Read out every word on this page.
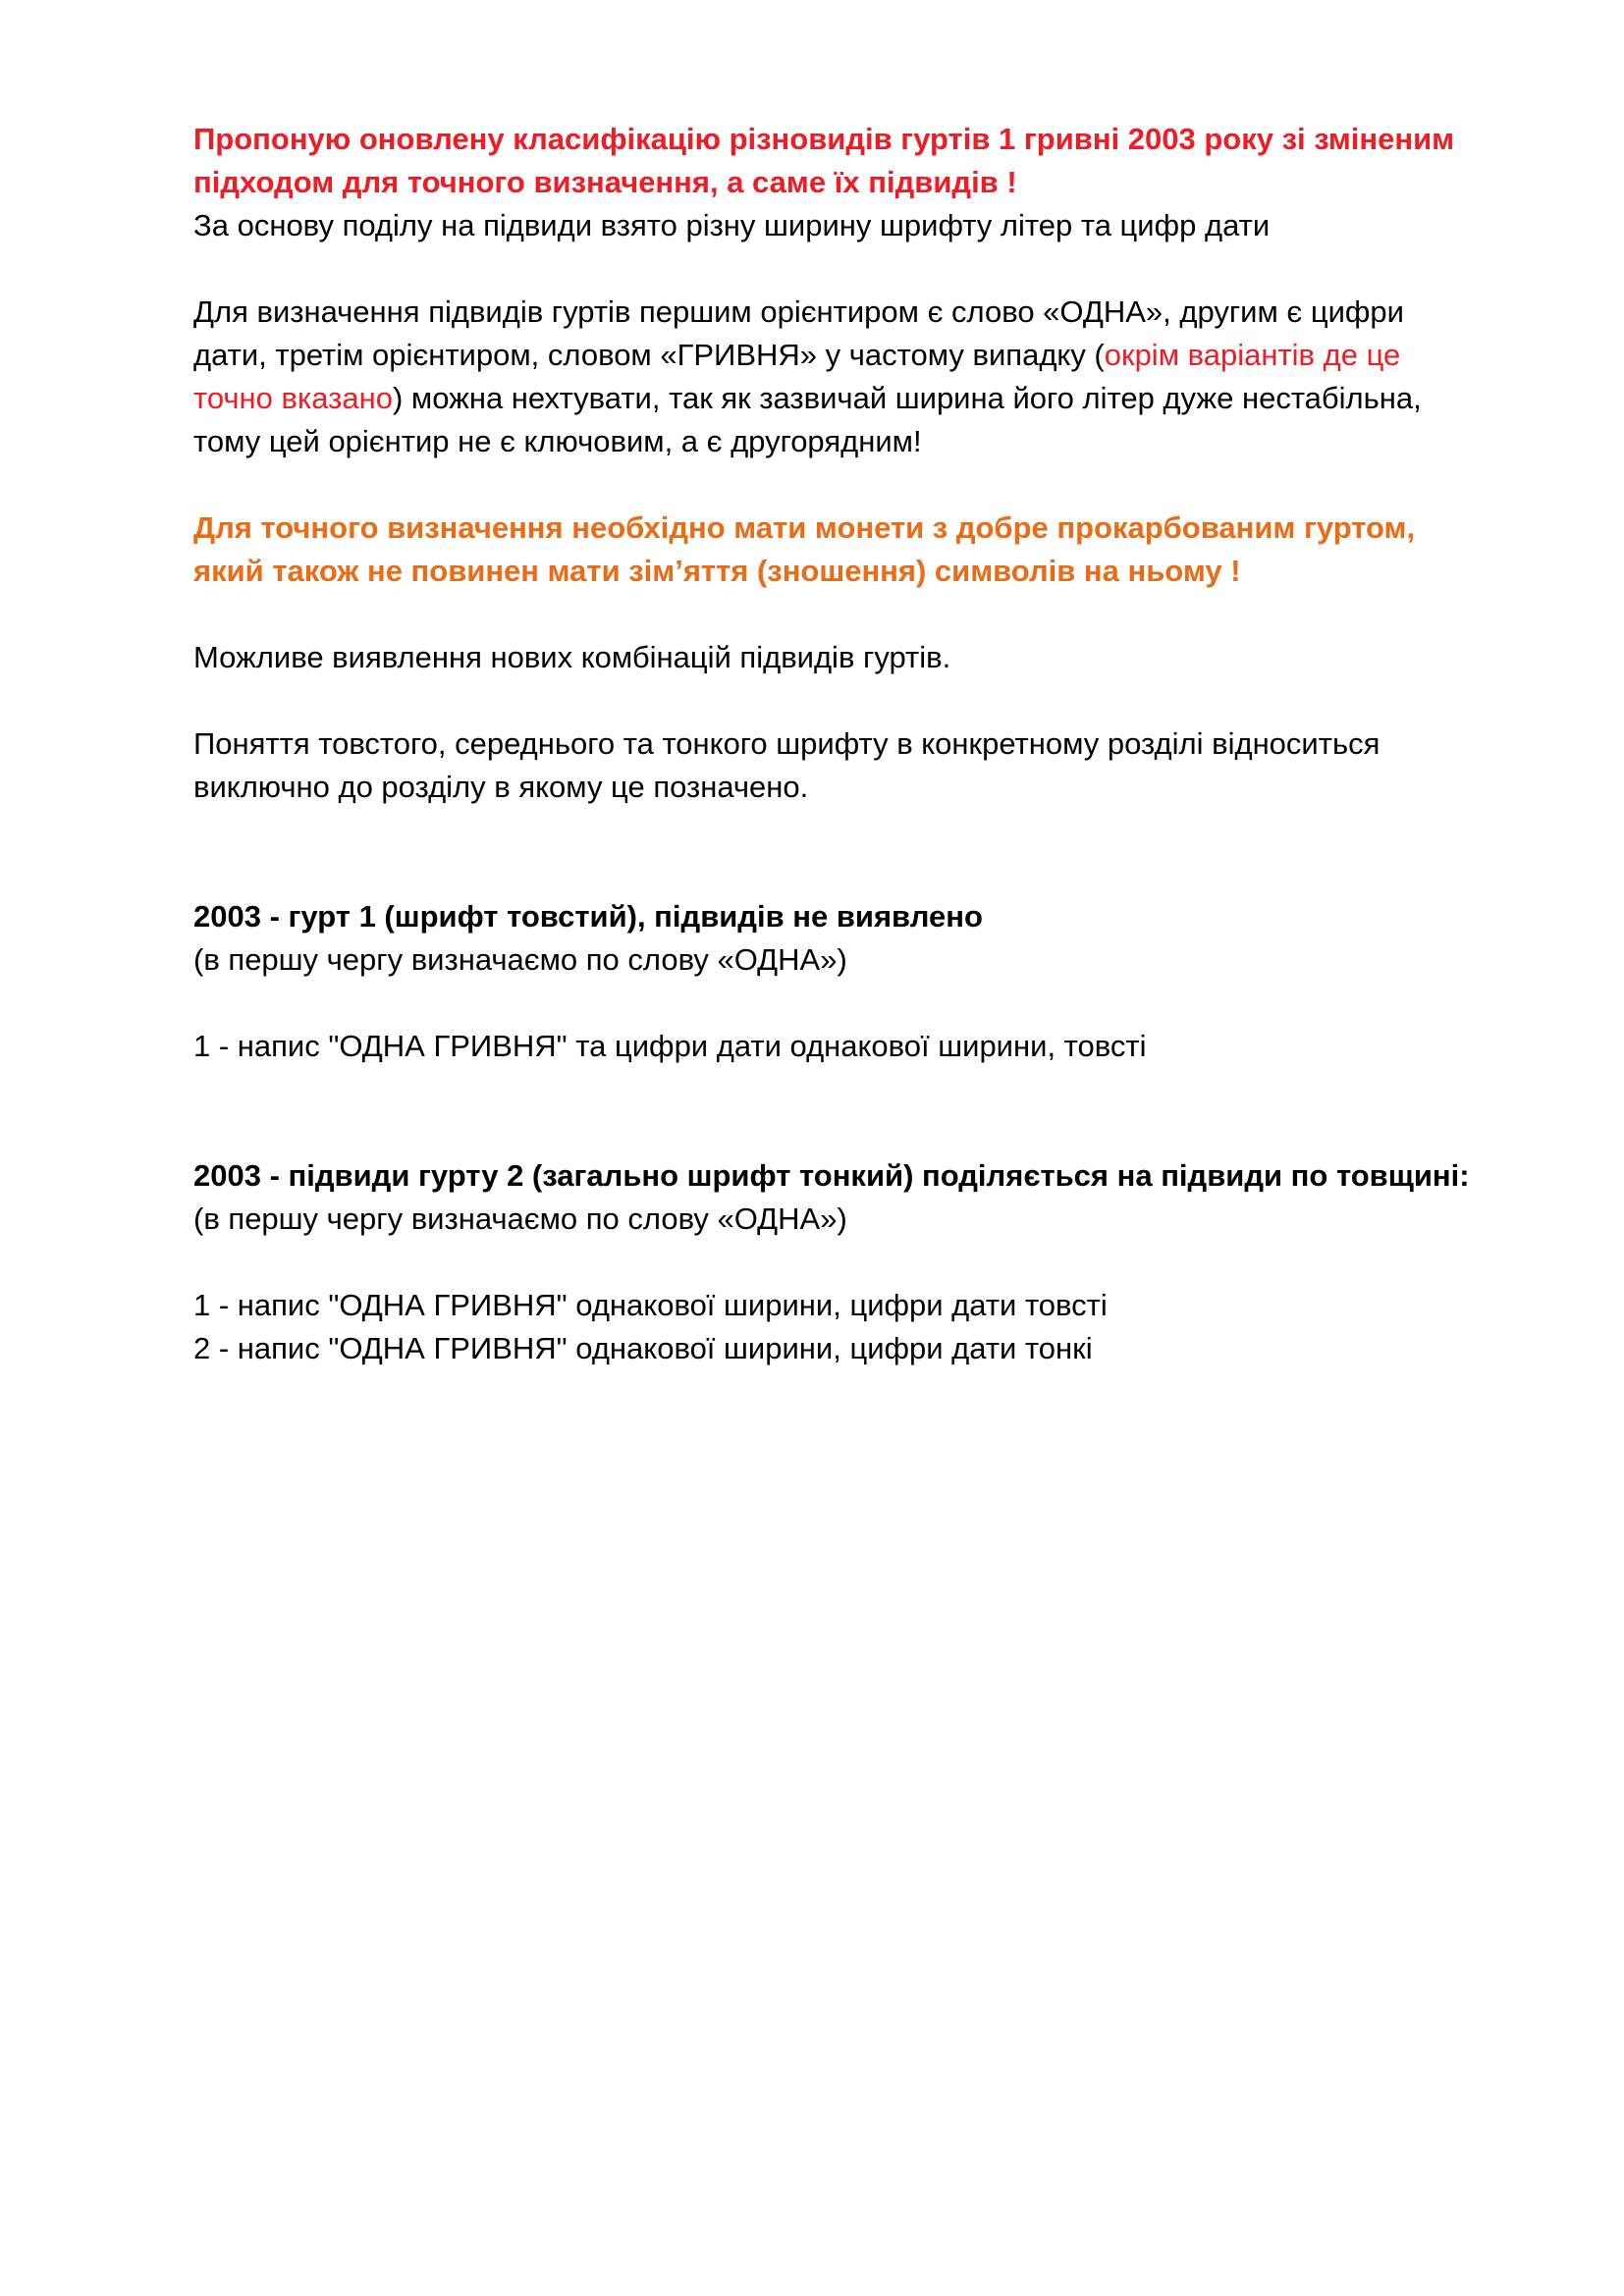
Пропоную оновлену класифікацію різновидів гуртів 1 гривні 2003 року зі зміненим
підходом для точного визначення, а саме їх підвидів !
За основу поділу на підвиди взято різну ширину шрифту літер та цифр дати

Для визначення підвидів гуртів першим орієнтиром є слово «ОДНА», другим є цифри
дати, третім орієнтиром, словом «ГРИВНЯ» у частому випадку (окрім варіантів де це
точно вказано) можна нехтувати, так як зазвичай ширина його літер дуже нестабільна,
тому цей орієнтир не є ключовим, а є другорядним!

Для точного визначення необхідно мати монети з добре прокарбованим гуртом,
який також не повинен мати зім’яття (зношення) символів на ньому !

Можливе виявлення нових комбінацій підвидів гуртів.

Поняття товстого, середнього та тонкого шрифту в конкретному розділі відноситься
виключно до розділу в якому це позначено.

2003 - гурт 1 (шрифт товстий), підвидів не виявлено
(в першу чергу визначаємо по слову «ОДНА»)
1 - напис "ОДНА ГРИВНЯ" та цифри дати однакової ширини, товсті
2003 - підвиди гурту 2 (загально шрифт тонкий) поділяється на підвиди по товщині:
(в першу чергу визначаємо по слову «ОДНА»)
1 - напис "ОДНА ГРИВНЯ" однакової ширини, цифри дати товсті
2 - напис "ОДНА ГРИВНЯ" однакової ширини, цифри дати тонкі
